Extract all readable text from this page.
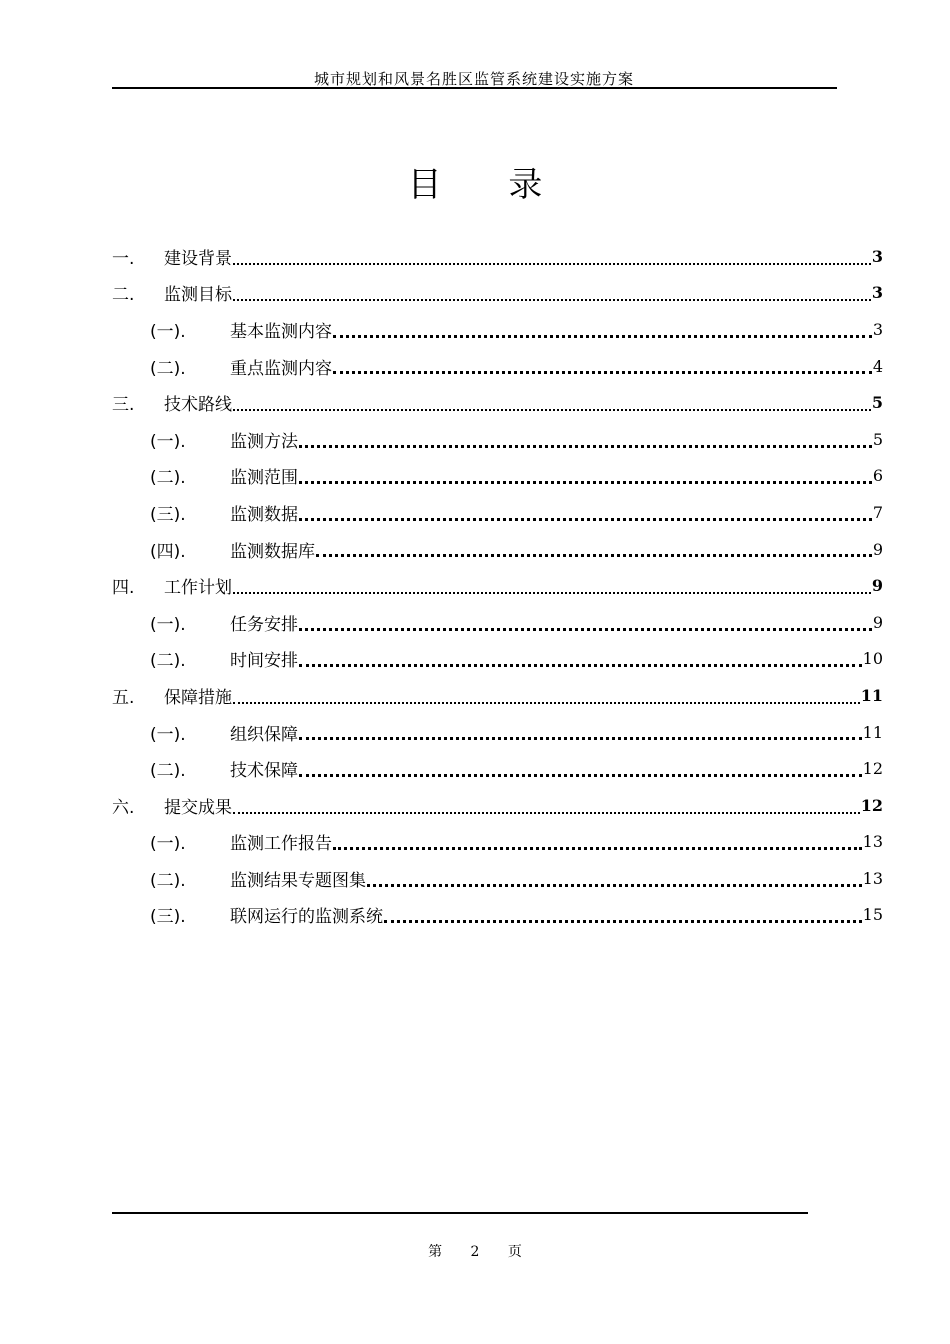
城市规划和风景名胜区监管系统建设实施方案
目 录
一.	建设背景	3
二.	监测目标	3
(一).	基本监测内容	3
(二).	重点监测内容	4
三.	技术路线	5
(一).	监测方法	5
(二).	监测范围	6
(三).	监测数据	7
(四).	监测数据库	9
四.	工作计划	9
(一).	任务安排	9
(二).	时间安排	10
五.	保障措施	11
(一).	组织保障	11
(二).	技术保障	12
六.	提交成果	12
(一).	监测工作报告	13
(二).	监测结果专题图集	13
(三).	联网运行的监测系统	15
第 2 页
